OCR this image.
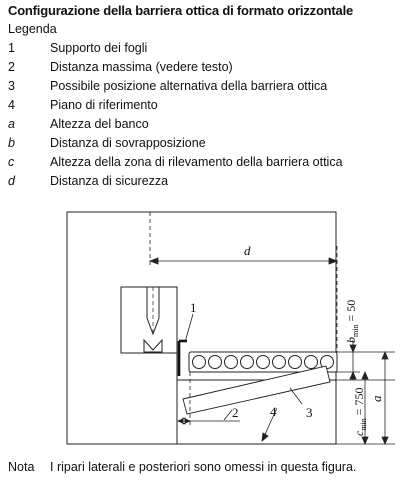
Configurazione della barriera ottica di formato orizzontale
Legenda
1	Supporto dei fogli
2	Distanza massima (vedere testo)
3	Possibile posizione alternativa della barriera ottica
4	Piano di riferimento
a	Altezza del banco
b	Distanza di sovrapposizione
c	Altezza della zona di rilevamento della barriera ottica
d	Distanza di sicurezza
d
1
3
2 4
$b_{min} = 50$
$c_{min} = 750$ a
Nota I ripari laterali e posteriori sono omessi in questa figura.
